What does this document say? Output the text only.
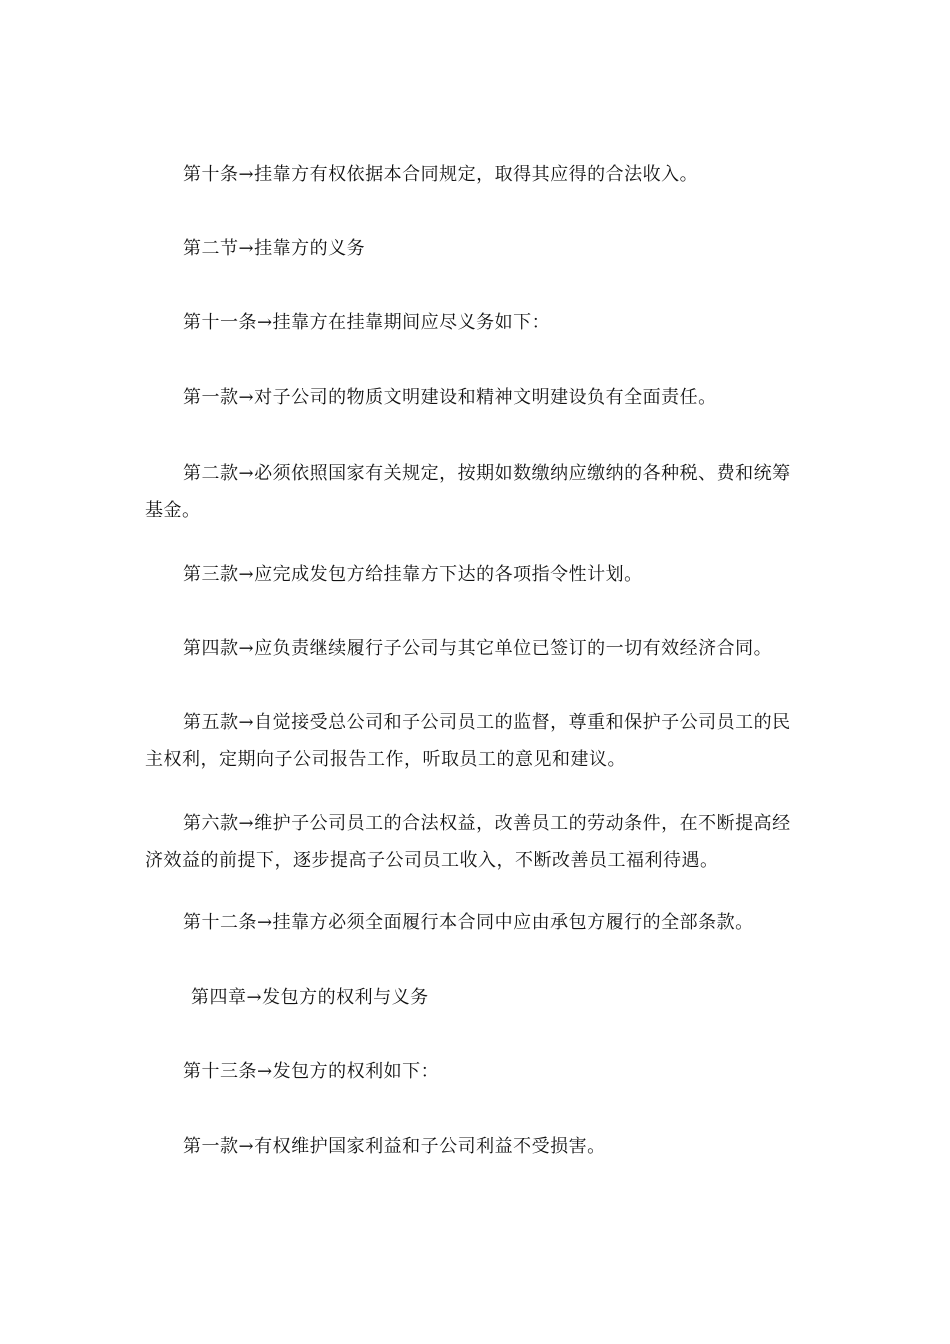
第十条→挂靠方有权依据本合同规定，取得其应得的合法收入。

第二节→挂靠方的义务

第十一条→挂靠方在挂靠期间应尽义务如下：

第一款→对子公司的物质文明建设和精神文明建设负有全面责任。

第二款→必须依照国家有关规定，按期如数缴纳应缴纳的各种税、费和统筹基金。

第三款→应完成发包方给挂靠方下达的各项指令性计划。

第四款→应负责继续履行子公司与其它单位已签订的一切有效经济合同。

第五款→自觉接受总公司和子公司员工的监督，尊重和保护子公司员工的民主权利，定期向子公司报告工作，听取员工的意见和建议。

第六款→维护子公司员工的合法权益，改善员工的劳动条件，在不断提高经济效益的前提下，逐步提高子公司员工收入，不断改善员工福利待遇。

第十二条→挂靠方必须全面履行本合同中应由承包方履行的全部条款。

第四章→发包方的权利与义务

第十三条→发包方的权利如下：

第一款→有权维护国家利益和子公司利益不受损害。
